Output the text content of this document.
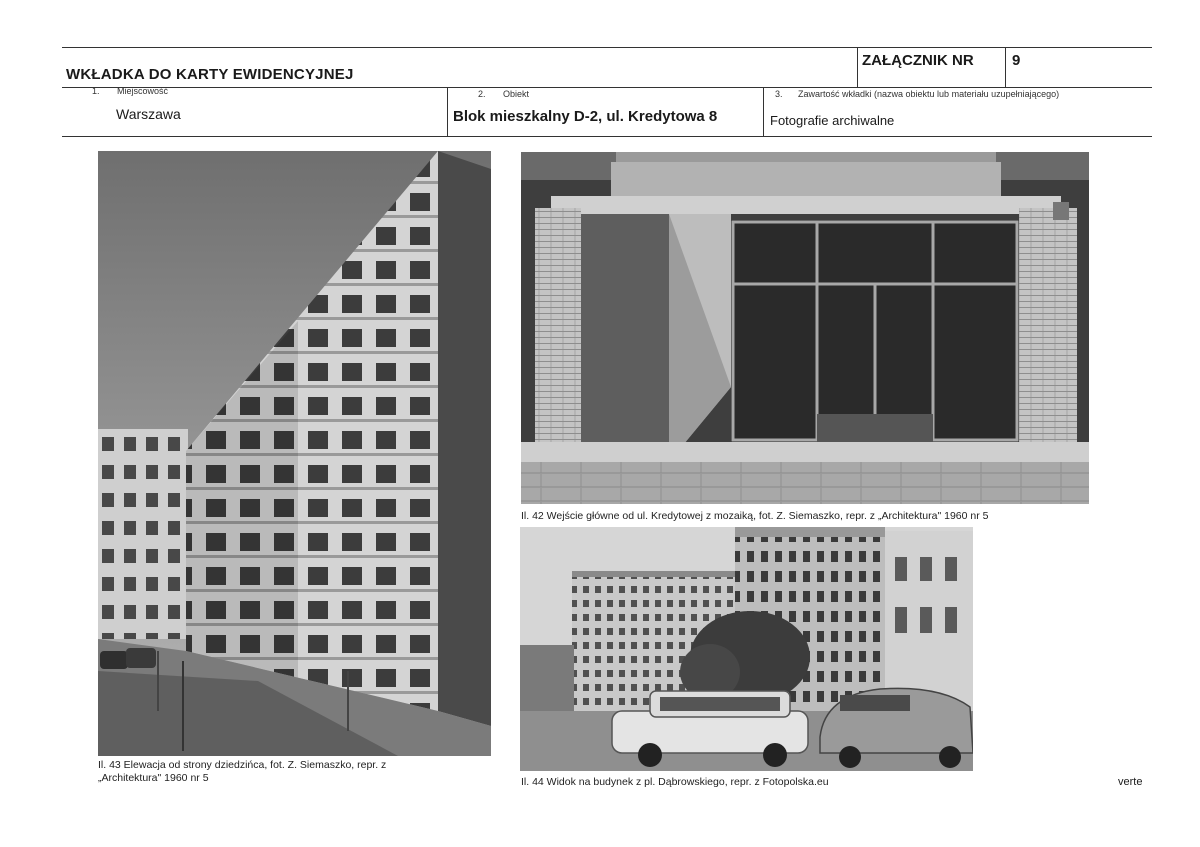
WKŁADKA DO KARTY EWIDENCYJNEJ
ZAŁĄCZNIK NR	9
1. Miejscowość
Warszawa
2. Obiekt
Blok mieszkalny D-2, ul. Kredytowa 8
3. Zawartość wkładki (nazwa obiektu lub materiału uzupełniającego)
Fotografie archiwalne
Il. 43 Elewacja od strony dziedzińca, fot. Z. Siemaszko, repr. z
„Architektura" 1960 nr 5
Il. 42 Wejście główne od ul. Kredytowej z mozaiką, fot. Z. Siemaszko, repr. z „Architektura" 1960 nr 5
Il. 44 Widok na budynek z pl. Dąbrowskiego, repr. z Fotopolska.eu	verte
